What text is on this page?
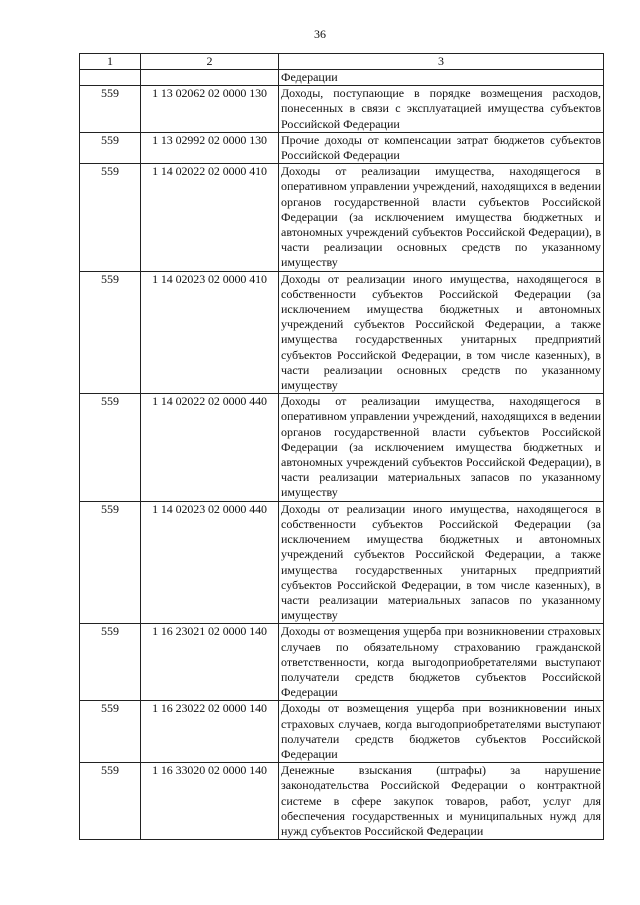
36
1	2	3
		Федерации
559	1 13 02062 02 0000 130	Доходы, поступающие в порядке возмещения расходов, понесенных в связи с эксплуатацией имущества субъектов Российской Федерации
559	1 13 02992 02 0000 130	Прочие доходы от компенсации затрат бюджетов субъектов Российской Федерации
559	1 14 02022 02 0000 410	Доходы от реализации имущества, находящегося в оперативном управлении учреждений, находящихся в ведении органов государственной власти субъектов Российской Федерации (за исключением имущества бюджетных и автономных учреждений субъектов Российской Федерации), в части реализации основных средств по указанному имуществу
559	1 14 02023 02 0000 410	Доходы от реализации иного имущества, находящегося в собственности субъектов Российской Федерации (за исключением имущества бюджетных и автономных учреждений субъектов Российской Федерации, а также имущества государственных унитарных предприятий субъектов Российской Федерации, в том числе казенных), в части реализации основных средств по указанному имуществу
559	1 14 02022 02 0000 440	Доходы от реализации имущества, находящегося в оперативном управлении учреждений, находящихся в ведении органов государственной власти субъектов Российской Федерации (за исключением имущества бюджетных и автономных учреждений субъектов Российской Федерации), в части реализации материальных запасов по указанному имуществу
559	1 14 02023 02 0000 440	Доходы от реализации иного имущества, находящегося в собственности субъектов Российской Федерации (за исключением имущества бюджетных и автономных учреждений субъектов Российской Федерации, а также имущества государственных унитарных предприятий субъектов Российской Федерации, в том числе казенных), в части реализации материальных запасов по указанному имуществу
559	1 16 23021 02 0000 140	Доходы от возмещения ущерба при возникновении страховых случаев по обязательному страхованию гражданской ответственности, когда выгодоприобретателями выступают получатели средств бюджетов субъектов Российской Федерации
559	1 16 23022 02 0000 140	Доходы от возмещения ущерба при возникновении иных страховых случаев, когда выгодоприобретателями выступают получатели средств бюджетов субъектов Российской Федерации
559	1 16 33020 02 0000 140	Денежные взыскания (штрафы) за нарушение законодательства Российской Федерации о контрактной системе в сфере закупок товаров, работ, услуг для обеспечения государственных и муниципальных нужд для нужд субъектов Российской Федерации
